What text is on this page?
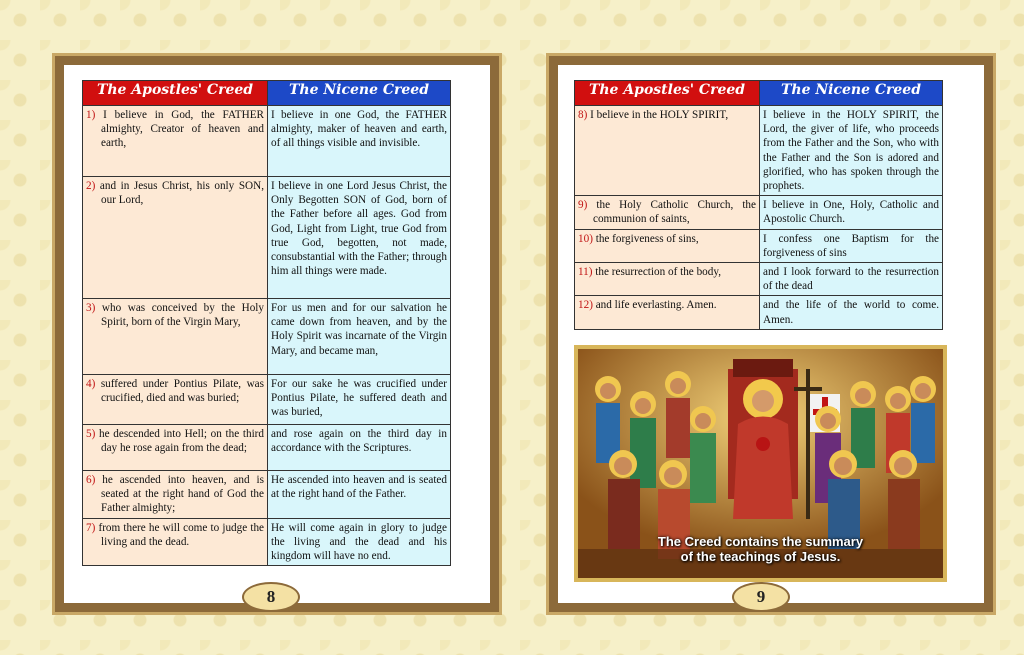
The Apostles' Creed	The Nicene Creed

1) I believe in God, the FATHER almighty, Creator of heaven and earth,	I believe in one God, the FATHER almighty, maker of heaven and earth, of all things visible and invisible.

2) and in Jesus Christ, his only SON, our Lord,	I believe in one Lord Jesus Christ, the Only Begotten SON of God, born of the Father before all ages. God from God, Light from Light, true God from true God, begotten, not made, consubstantial with the Father; through him all things were made.

3) who was conceived by the Holy Spirit, born of the Virgin Mary,	For us men and for our salvation he came down from heaven, and by the Holy Spirit was incarnate of the Virgin Mary, and became man,

4) suffered under Pontius Pilate, was crucified, died and was buried;	For our sake he was crucified under Pontius Pilate, he suffered death and was buried,

5) he descended into Hell; on the third day he rose again from the dead;	and rose again on the third day in accordance with the Scriptures.

6) he ascended into heaven, and is seated at the right hand of God the Father almighty;	He ascended into heaven and is seated at the right hand of the Father.

7) from there he will come to judge the living and the dead.	He will come again in glory to judge the living and the dead and his kingdom will have no end.
The Apostles' Creed	The Nicene Creed

8) I believe in the HOLY SPIRIT,	I believe in the HOLY SPIRIT, the Lord, the giver of life, who proceeds from the Father and the Son, who with the Father and the Son is adored and glorified, who has spoken through the prophets.

9) the Holy Catholic Church, the communion of saints,	I believe in One, Holy, Catholic and Apostolic Church.

10) the forgiveness of sins,	I confess one Baptism for the forgiveness of sins

11) the resurrection of the body,	and I look forward to the resurrection of the dead

12) and life everlasting. Amen.	and the life of the world to come. Amen.
The Creed contains the summary
of the teachings of Jesus.
8	9
